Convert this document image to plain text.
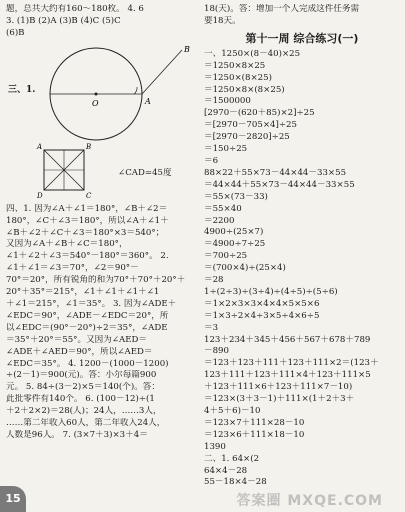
题，总共大约有160～180枚。 4. 6
3. (1)B (2)A (3)B (4)C (5)C
(6)B
三、1.
O	A
B
A	B
C
D
∠CAD=45度
四、1. 因为∠A＋∠1＝180°，∠B＋∠2＝
180°，∠C＋∠3＝180°，所以∠A＋∠1＋
∠B＋∠2＋∠C＋∠3＝180°×3＝540°；
又因为∠A＋∠B＋∠C＝180°，
∠1＋∠2＋∠3＝540°－180°＝360°。 2.
∠1＋∠1＝∠3＝70°，∠2＝90°－
70°＝20°，所有锐角的和为70°＋70°＋20°＋
20°＋35°＝215°，∠1＋∠1＋∠1＋∠1
＋∠1＝215°，∠1＝35°。 3. 因为∠ADE＋
∠EDC＝90°，∠ADE－∠EDC＝20°，所
以∠EDC＝(90°－20°)÷2＝35°，∠ADE
＝35°＋20°＝55°。又因为∠AED＝
∠ADE＋∠AED＝90°，所以∠AED＝
∠EDC＝35°。 4. 1200－(1000－1200)
÷(2－1)＝900(元)。答：小尔每篇900
元。 5. 84÷(3－2)×5＝140(个)。答：
此批零件有140个。 6. (100－12)÷(1
＋2＋2×2)＝28(人)；24人，……3人，
……第二年收入60人，第二年收入24人，
人数是96人。 7. (3×7＋3)×3＋4＝
18(天)。答：增加一个人完成这件任务需
要18天。
第十一周 综合练习(一)
一、1250×(8－40)×25
＝1250×8×25
＝1250×(8×25)
＝1250×8×(8×25)
＝1500000
[2970－(620＋85)×2]÷25
＝[2970－705×4]÷25
＝[2970－2820]÷25
＝150÷25
＝6
88×22＋55×73－44×44－33×55
＝44×44＋55×73－44×44－33×55
＝55×(73－33)
＝55×40
＝2200
4900÷(25×7)
＝4900÷7÷25
＝700÷25
＝(700×4)÷(25×4)
＝28
1÷(2÷3)÷(3÷4)÷(4÷5)÷(5÷6)
＝1×2×3×3×4×4×5×5×6
＝1×3÷2×4÷3×5÷4×6÷5
＝3
123＋234＋345＋456＋567＋678＋789
－890
＝123＋123＋111＋123＋111×2＝(123＋
123＋111＋123＋111×4＋123＋111×5
＋123＋111×6＋123＋111×7－10)
＝123×(3＋3－1)＋111×(1＋2＋3＋
4＋5＋6)－10
＝123×7＋111×28－10
＝123×6＋111×18－10
1390
二、1. 64×(2
64×4－28
55－18×4－28
15	答案圈 MXQE.COM
